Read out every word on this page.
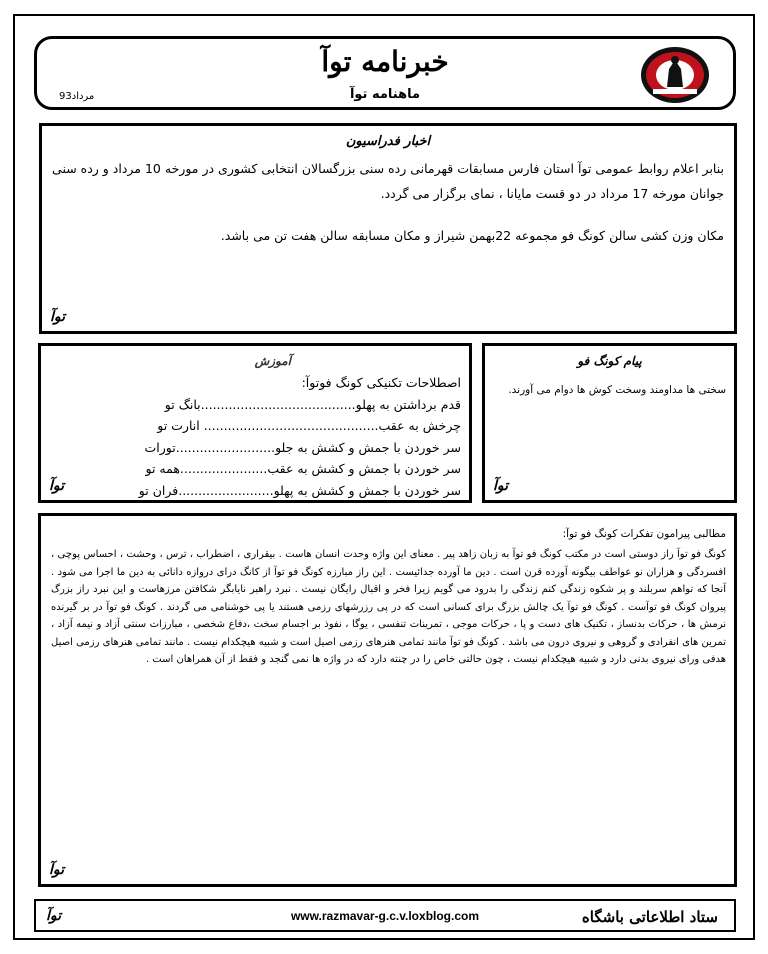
خبرنامه توآ
ماهنامه توآ
مرداد93
اخبار فدراسیون
بنابر اعلام روابط عمومی توآ استان فارس مسابقات قهرمانی رده سنی بزرگسالان انتخابی کشوری در مورخه 10 مرداد و رده سنی جوانان مورخه 17 مرداد در دو قست مایانا ، نمای برگزار می گردد.
مکان وزن کشی سالن کونگ فو مجموعه 22بهمن شیراز و مکان مسابقه سالن هفت تن می باشد.
توآ
آموزش
اصطلاحات تکنیکی کونگ فوتوآ:
قدم برداشتن به پهلو.......................................بانگ تو
چرخش به عقب............................................ انارت تو
سر خوردن با جمش و کشش به جلو.........................تورات
سر خوردن با جمش و کشش به عقب......................همه تو
سر خوردن با جمش و کشش به پهلو........................فران تو
توآ
پیام کونگ فو
سختی ها مداومند وسخت کوش ها دوام می آورند.
توآ
مطالبی پیرامون تفکرات کونگ فو توآ:
کونگ فو توآ راز دوستی است در مکتب کونگ فو توآ به زبان زاهد پیر . معنای این واژه وحدت انسان هاست . بیقراری ، اضطراب ، ترس ، وحشت ، احساس پوچی ، افسردگی و هزاران نو عواطف بیگونه آورده قرن است . دین ما آورده جدائیست . این راز مبارزه کونگ فو توآ از کانگ درای دروازه دانائی به دین ما اجرا می شود . آنجا که تواهم سربلند و پر شکوه زندگی کنم زندگی را بدرود می گویم زیرا فخر و اقبال رایگان نیست . نبرد راهبر نایابگر شکافتن مرزهاست و این نبرد راز بزرگ پیروان کونگ فو توآست . کونگ فو توآ یک چالش بزرگ برای کسانی است که در پی رزرشهای رزمی هستند یا پی خوشنامی می گردند . کونگ فو توآ در بر گیرنده نرمش ها ، حرکات بدنساز ، تکنیک های دست و پا ، حرکات موجی ، تمرینات تنفسی ، یوگا ، نفوذ بر اجسام سخت ،دفاع شخصی ، مبارزات سنتی آزاد و نیمه آزاد ، تمرین های انفرادی و گروهی و نیروی درون می باشد . کونگ فو توآ مانند تمامی هنرهای رزمی اصیل است و شبیه هیچکدام نیست . مانند تمامی هنرهای رزمی اصیل هدفی ورای نیروی بدنی دارد و شبیه هیچکدام نیست ، چون حالتی خاص را در چنته دارد که در واژه ها نمی گنجد و فقط از آن همراهان است .
توآ
ستاد اطلاعاتی باشگاه
www.razmavar-g.c.v.loxblog.com
توآ
